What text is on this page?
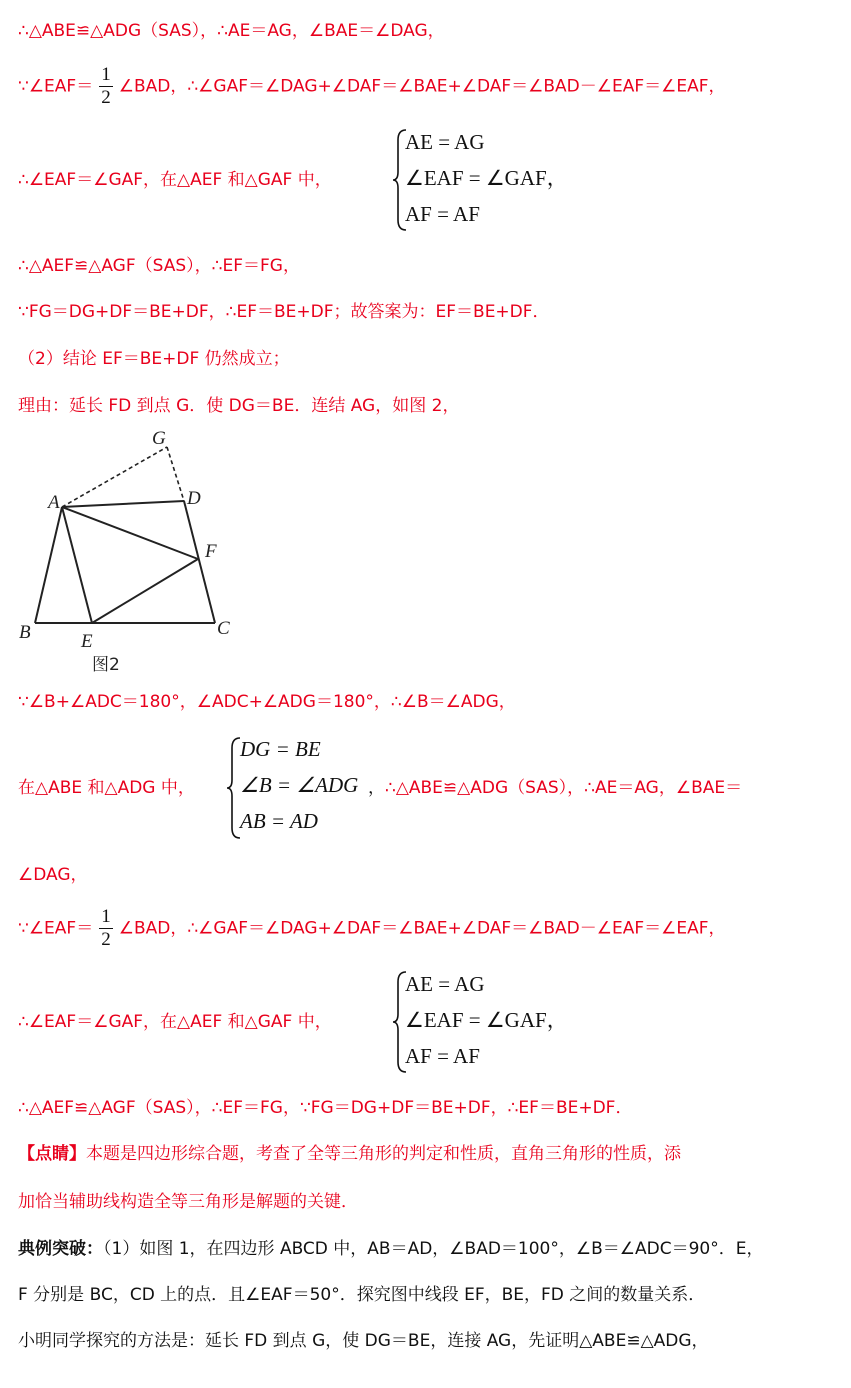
∴△ABE≌△ADG（SAS），∴AE＝AG，∠BAE＝∠DAG，
∵∠EAF＝ $\frac{1}{2}$ ∠BAD，∴∠GAF＝∠DAG+∠DAF＝∠BAE+∠DAF＝∠BAD－∠EAF＝∠EAF，
∴∠EAF＝∠GAF，在△AEF 和△GAF 中，
AE = AG
∠EAF = ∠GAF，
AF = AF
∴△AEF≌△AGF（SAS），∴EF＝FG，
∵FG＝DG+DF＝BE+DF，∴EF＝BE+DF；故答案为：EF＝BE+DF．
（2）结论 EF＝BE+DF 仍然成立；
理由：延长 FD 到点 G．使 DG＝BE．连结 AG，如图 2，
G
A	D
F
B	E
C
图2
∵∠B+∠ADC＝180°，∠ADC+∠ADG＝180°，∴∠B＝∠ADG，
在△ABE 和△ADG 中，
DG = BE
∠B = ∠ADG
AB = AD
，∴△ABE≌△ADG（SAS），∴AE＝AG，∠BAE＝
∠DAG，
∵∠EAF＝ $\frac{1}{2}$ ∠BAD，∴∠GAF＝∠DAG+∠DAF＝∠BAE+∠DAF＝∠BAD－∠EAF＝∠EAF，
∴∠EAF＝∠GAF，在△AEF 和△GAF 中，
AE = AG
∠EAF = ∠GAF，
AF = AF
∴△AEF≌△AGF（SAS），∴EF＝FG，∵FG＝DG+DF＝BE+DF，∴EF＝BE+DF．
【点睛】本题是四边形综合题，考查了全等三角形的判定和性质，直角三角形的性质，添
加恰当辅助线构造全等三角形是解题的关键．
典例突破：（1）如图 1，在四边形 ABCD 中，AB＝AD，∠BAD＝100°，∠B＝∠ADC＝90°．E，
F 分别是 BC，CD 上的点．且∠EAF＝50°．探究图中线段 EF，BE，FD 之间的数量关系．
小明同学探究的方法是：延长 FD 到点 G，使 DG＝BE，连接 AG，先证明△ABE≌△ADG，
